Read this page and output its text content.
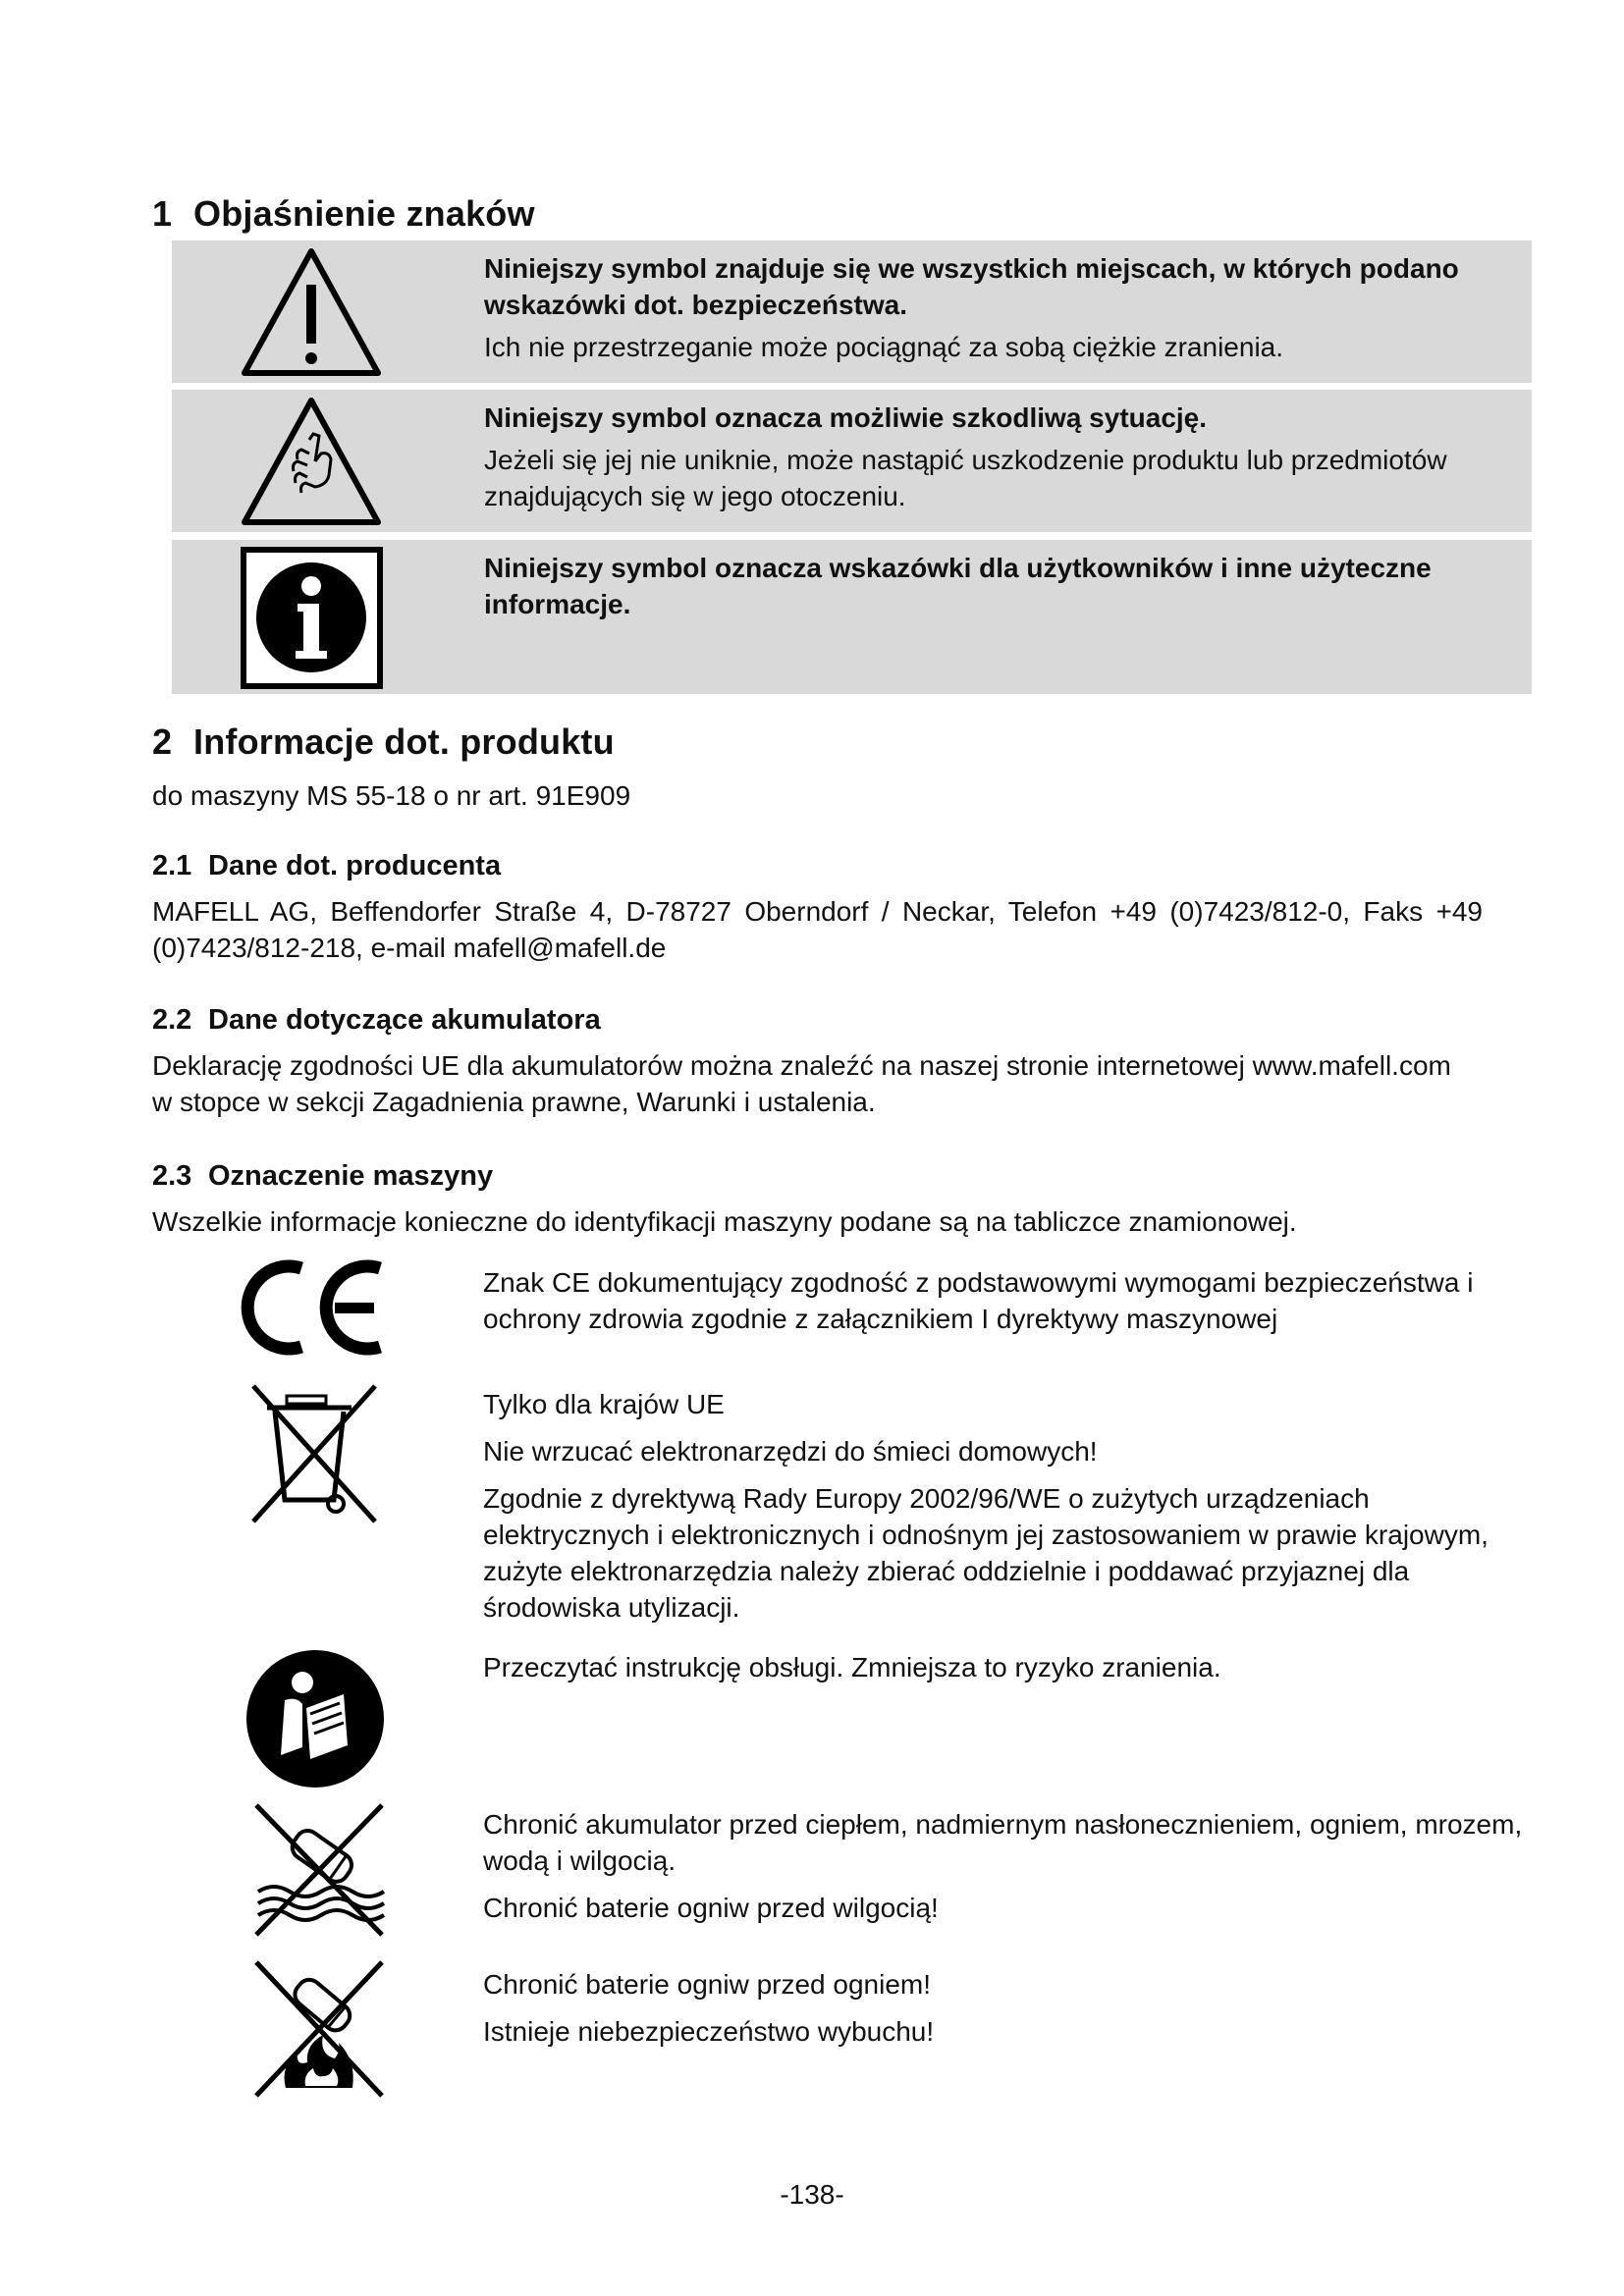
1 Objaśnienie znaków

Niniejszy symbol znajduje się we wszystkich miejscach, w których podano wskazówki dot. bezpieczeństwa.

Ich nie przestrzeganie może pociągnąć za sobą ciężkie zranienia.

Niniejszy symbol oznacza możliwie szkodliwą sytuację.

Jeżeli się jej nie uniknie, może nastąpić uszkodzenie produktu lub przedmiotów znajdujących się w jego otoczeniu.

Niniejszy symbol oznacza wskazówki dla użytkowników i inne użyteczne informacje.

2 Informacje dot. produktu
do maszyny MS 55-18 o nr art. 91E909
2.1 Dane dot. producenta
MAFELL AG, Beffendorfer Straße 4, D-78727 Oberndorf / Neckar, Telefon +49 (0)7423/812-0, Faks +49 (0)7423/812-218, e-mail mafell@mafell.de
2.2 Dane dotyczące akumulatora
Deklarację zgodności UE dla akumulatorów można znaleźć na naszej stronie internetowej www.mafell.com w stopce w sekcji Zagadnienia prawne, Warunki i ustalenia.
2.3 Oznaczenie maszyny
Wszelkie informacje konieczne do identyfikacji maszyny podane są na tabliczce znamionowej.

Znak CE dokumentujący zgodność z podstawowymi wymogami bezpieczeństwa i ochrony zdrowia zgodnie z załącznikiem I dyrektywy maszynowej

Tylko dla krajów UE

Nie wrzucać elektronarzędzi do śmieci domowych!

Zgodnie z dyrektywą Rady Europy 2002/96/WE o zużytych urządzeniach elektrycznych i elektronicznych i odnośnym jej zastosowaniem w prawie krajowym, zużyte elektronarzędzia należy zbierać oddzielnie i poddawać przyjaznej dla środowiska utylizacji.

Przeczytać instrukcję obsługi. Zmniejsza to ryzyko zranienia.

Chronić akumulator przed ciepłem, nadmiernym nasłonecznieniem, ogniem, mrozem, wodą i wilgocią.

Chronić baterie ogniw przed wilgocią!

Chronić baterie ogniw przed ogniem!

Istnieje niebezpieczeństwo wybuchu!

-138-
